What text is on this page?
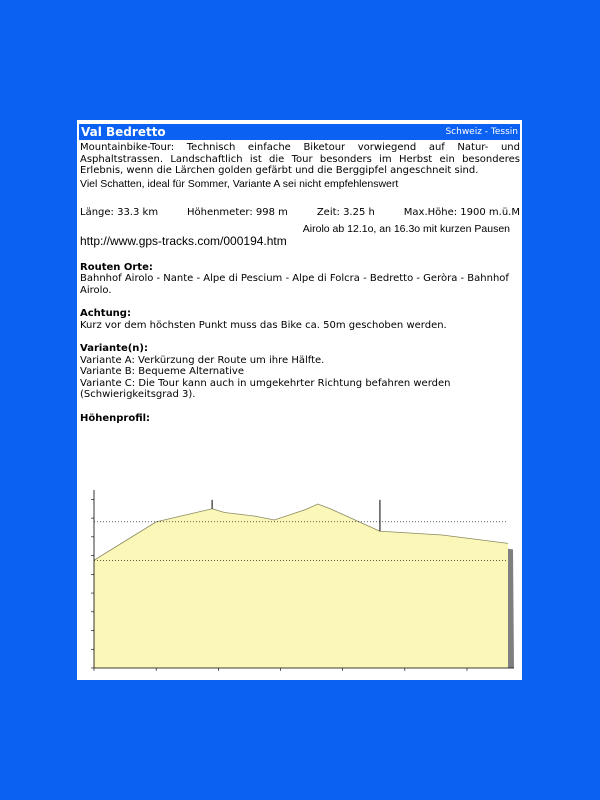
Val Bedretto	Schweiz - Tessin

Mountainbike-Tour: Technisch einfache Biketour vorwiegend auf Natur- und Asphaltstrassen. Landschaftlich ist die Tour besonders im Herbst ein besonderes Erlebnis, wenn die Lärchen golden gefärbt und die Berggipfel angeschneit sind.

Viel Schatten, ideal für Sommer, Variante A sei nicht empfehlenswert

Länge: 33.3 km	Höhenmeter: 998 m	Zeit: 3.25 h	Max.Höhe: 1900 m.ü.M
Airolo ab 12.1o, an 16.3o mit kurzen Pausen
http://www.gps-tracks.com/000194.htm
Routen Orte:

Bahnhof Airolo - Nante - Alpe di Pescium - Alpe di Folcra - Bedretto - Geròra - Bahnhof Airolo.

Achtung:

Kurz vor dem höchsten Punkt muss das Bike ca. 50m geschoben werden.

Variante(n):
Variante A: Verkürzung der Route um ihre Hälfte.
Variante B: Bequeme Alternative
Variante C: Die Tour kann auch in umgekehrter Richtung befahren werden (Schwierigkeitsgrad 3).
Höhenprofil:
